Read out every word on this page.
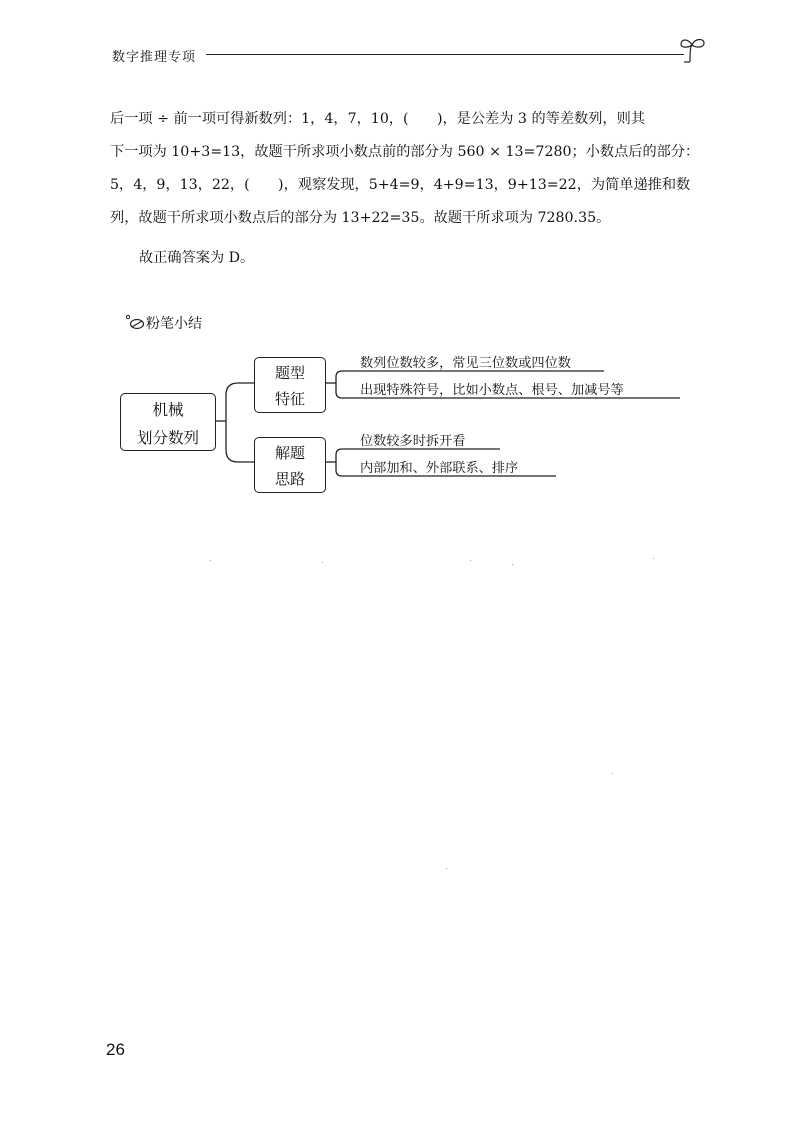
数字推理专项
后一项 ÷ 前一项可得新数列：1，4，7，10，(　　)，是公差为 3 的等差数列，则其
下一项为 10+3=13，故题干所求项小数点前的部分为 560 × 13=7280；小数点后的部分：
5，4，9，13，22，(　　)，观察发现，5+4=9，4+9=13，9+13=22，为简单递推和数
列，故题干所求项小数点后的部分为 13+22=35。故题干所求项为 7280.35。
故正确答案为 D。
粉笔小结
机械
划分数列
题型
特征
解题
思路
数列位数较多，常见三位数或四位数
出现特殊符号，比如小数点、根号、加减号等
位数较多时拆开看
内部加和、外部联系、排序
26
